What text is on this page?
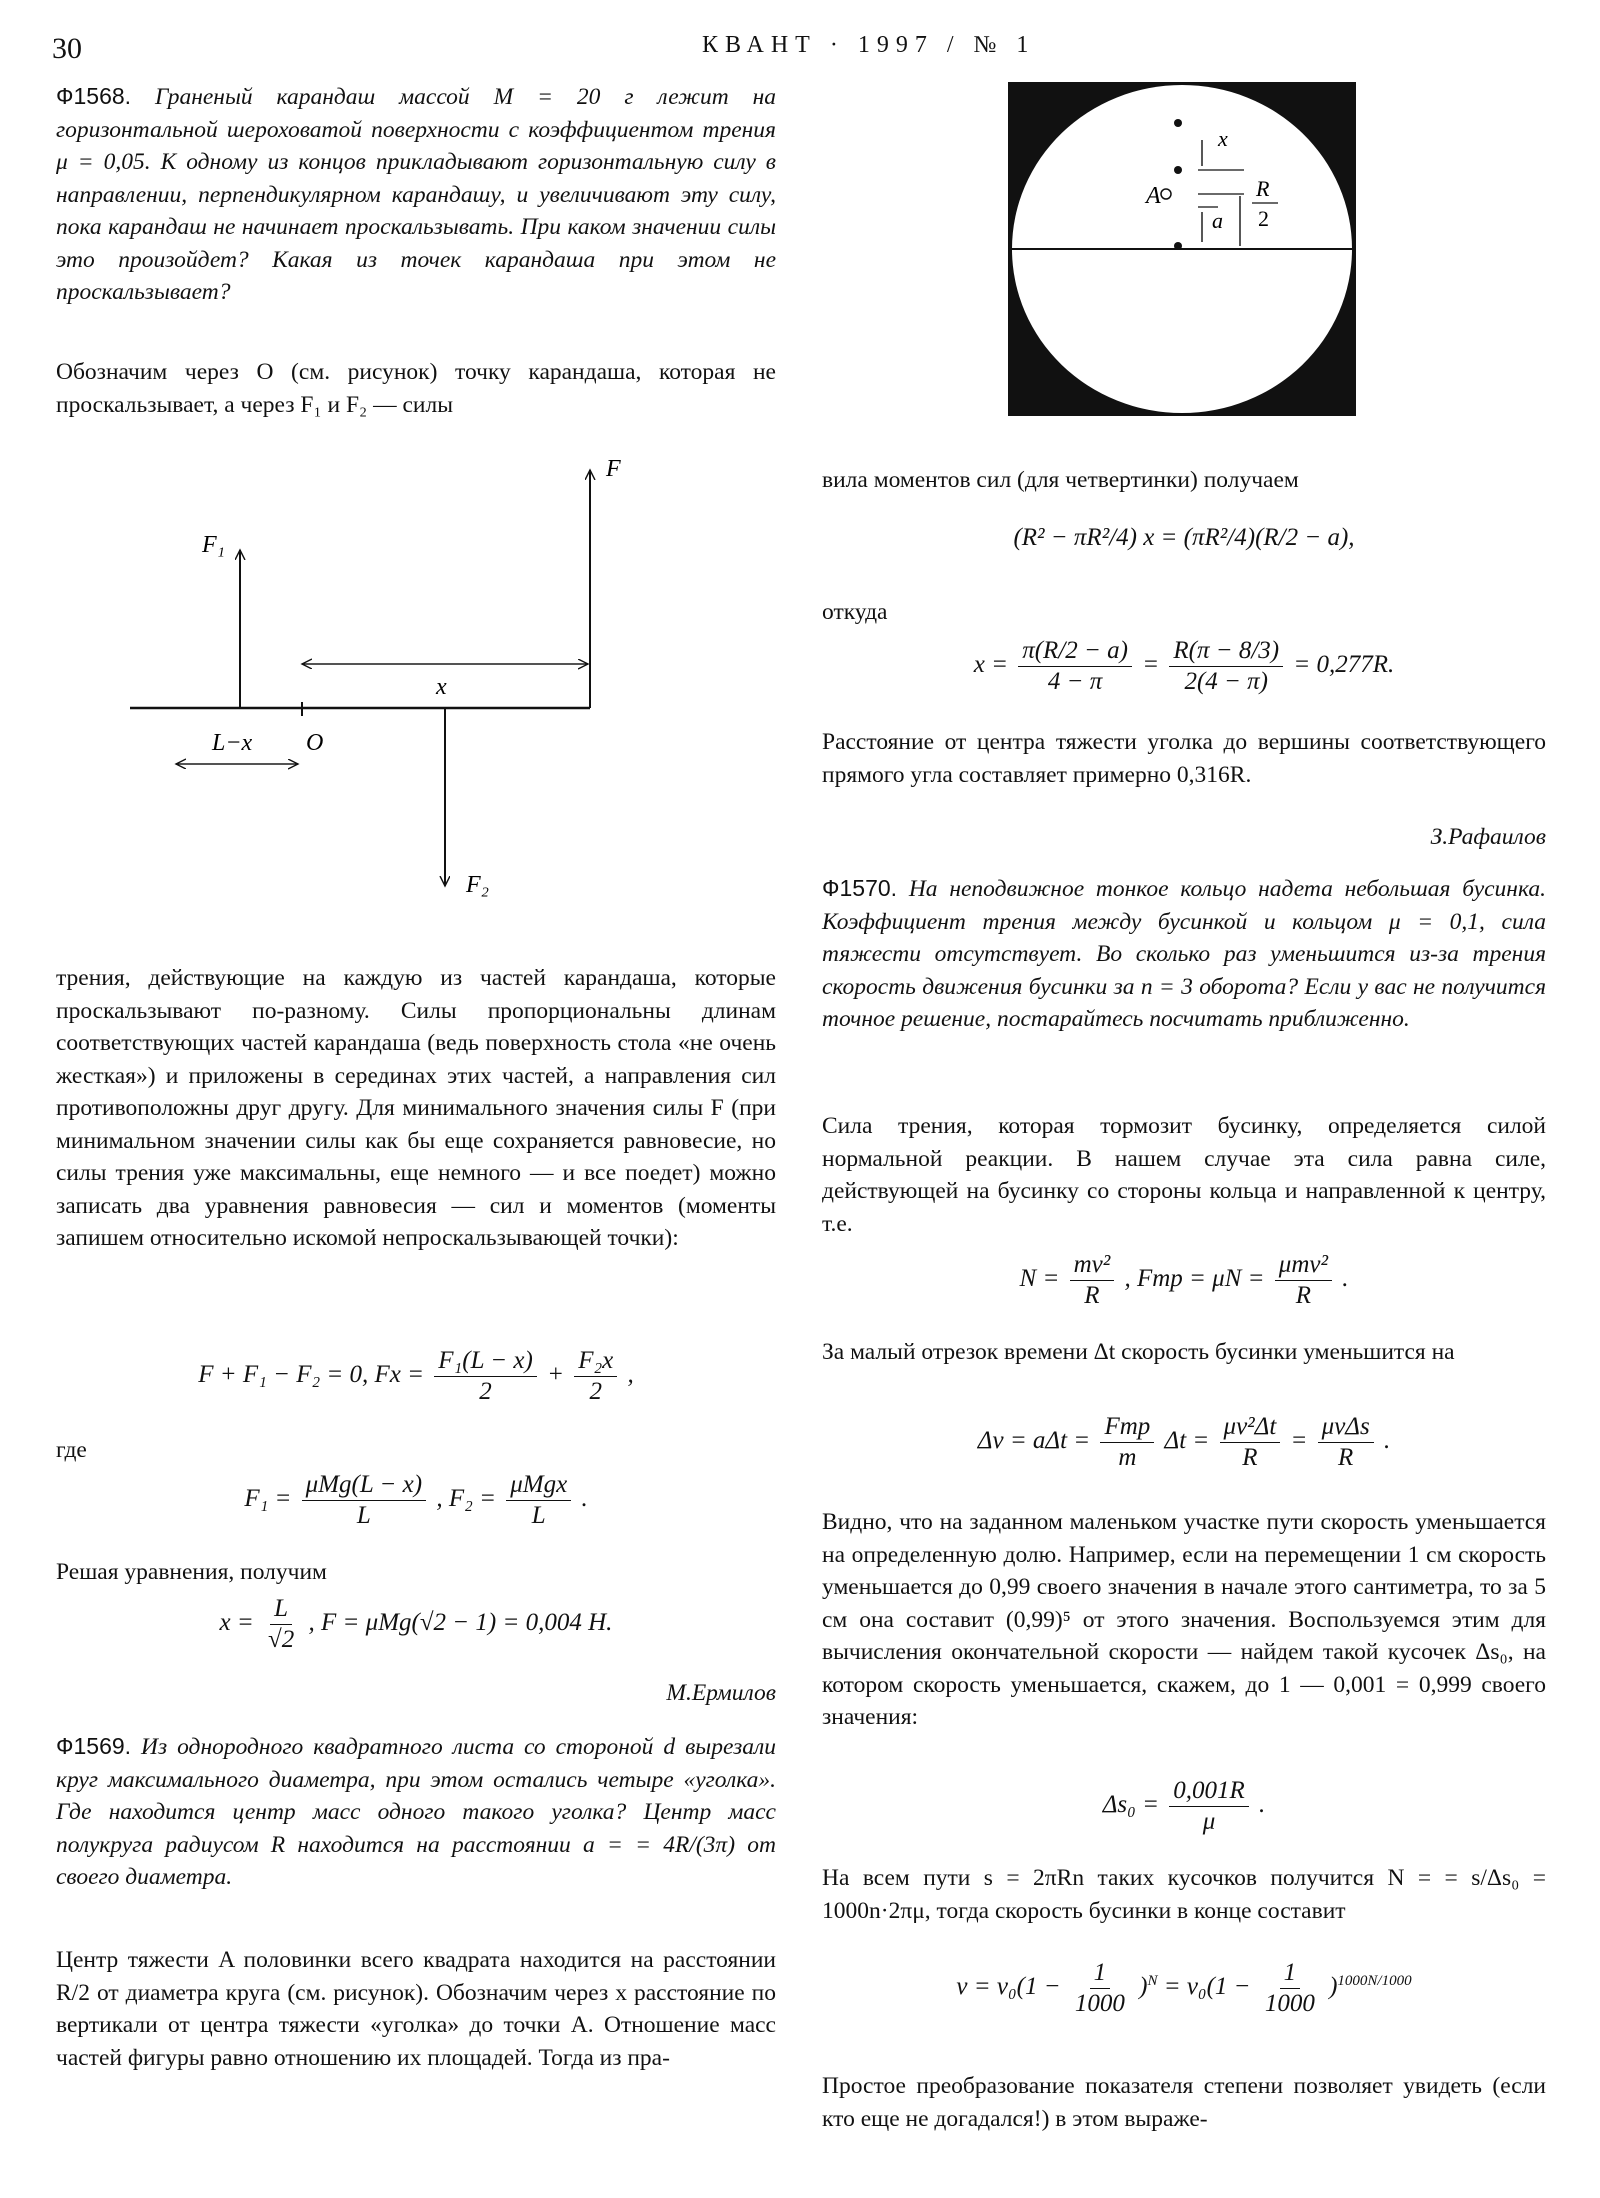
30	КВАНТ · 1997 / № 1
Ф1568. Граненый карандаш массой M = 20 г лежит на горизонтальной шероховатой поверхности с коэффициентом трения μ = 0,05. К одному из концов прикладывают горизонтальную силу в направлении, перпендикулярном карандашу, и увеличивают эту силу, пока карандаш не начинает проскальзывать. При каком значении силы это произойдет? Какая из точек карандаша при этом не проскальзывает?
Обозначим через O (см. рисунок) точку карандаша, которая не проскальзывает, а через F₁ и F₂ — силы
F₁
F
F₂
O
x
L−x
трения, действующие на каждую из частей карандаша, которые проскальзывают по-разному. Силы пропорциональны длинам соответствующих частей карандаша (ведь поверхность стола «не очень жесткая») и приложены в серединах этих частей, а направления сил противоположны друг другу. Для минимального значения силы F (при минимальном значении силы как бы еще сохраняется равновесие, но силы трения уже максимальны, еще немного — и все поедет) можно записать два уравнения равновесия — сил и моментов (моменты запишем относительно искомой непроскальзывающей точки):
F + F₁ − F₂ = 0, $Fx = \frac{\text{F₁(L − x)}}{2} + \frac{\text{F₂x}}{2}$ ,
где
$F_1 = \frac{\text{μMg(L − x)}}{L}$ , $F_2 = \frac{\text{μMgx}}{L}$ .
Решая уравнения, получим
$x = \frac{L}{√2}$ , F = μMg(√2 − 1) = 0,004 Н.
М.Ермилов
Ф1569. Из однородного квадратного листа со стороной d вырезали круг максимального диаметра, при этом остались четыре «уголка». Где находится центр масс одного такого уголка? Центр масс полукруга радиусом R находится на расстоянии a = = 4R/(3π) от своего диаметра.
Центр тяжести A половинки всего квадрата находится на расстоянии R/2 от диаметра круга (см. рисунок). Обозначим через x расстояние по вертикали от центра тяжести «уголка» до точки A. Отношение масс частей фигуры равно отношению их площадей. Тогда из пра-
A
x
a
R
2
вила моментов сил (для четвертинки) получаем
(R² − πR²/4) x = (πR²/4)(R/2 − a),
откуда
$x = \frac{\pi(R/2 - a)}{4 - \pi} = \frac{R(\pi - 8/3)}{2(4 - \pi)} = 0,277R$.
Расстояние от центра тяжести уголка до вершины соответствующего прямого угла составляет примерно 0,316R.
З.Рафаилов
Ф1570. На неподвижное тонкое кольцо надета небольшая бусинка. Коэффициент трения между бусинкой и кольцом μ = 0,1, сила тяжести отсутствует. Во сколько раз уменьшится из-за трения скорость движения бусинки за n = 3 оборота? Если у вас не получится точное решение, постарайтесь посчитать приближенно.
Сила трения, которая тормозит бусинку, определяется силой нормальной реакции. В нашем случае эта сила равна силе, действующей на бусинку со стороны кольца и направленной к центру, т.е.
$N = \frac{\text{mv²}}{R}$ , Fтр = $\mu N = \frac{\text{μmv²}}{R}$ .
За малый отрезок времени Δt скорость бусинки уменьшится на
$\Delta v = a\Delta t = \frac{\text{Fтр}}{m}$ $\Delta t = \frac{\text{μv²Δt}}{R} = \frac{\text{μvΔs}}{R}$ .
Видно, что на заданном маленьком участке пути скорость уменьшается на определенную долю. Например, если на перемещении 1 см скорость уменьшается до 0,99 своего значения в начале этого сантиметра, то за 5 см она составит (0,99)⁵ от этого значения. Воспользуемся этим для вычисления окончательной скорости — найдем такой кусочек Δs₀, на котором скорость уменьшается, скажем, до 1 — 0,001 = 0,999 своего значения:
$\Delta s_0 = \frac{0,001R}{\mu}$ .
На всем пути s = 2πRn таких кусочков получится N = = s/Δs₀ = 1000n·2πμ, тогда скорость бусинки в конце составит
$v = v_0(1 - \frac{1}{1000} )^N = v_0(1 - \frac{1}{1000} )^{1000N/1000}$
Простое преобразование показателя степени позволяет увидеть (если кто еще не догадался!) в этом выраже-
